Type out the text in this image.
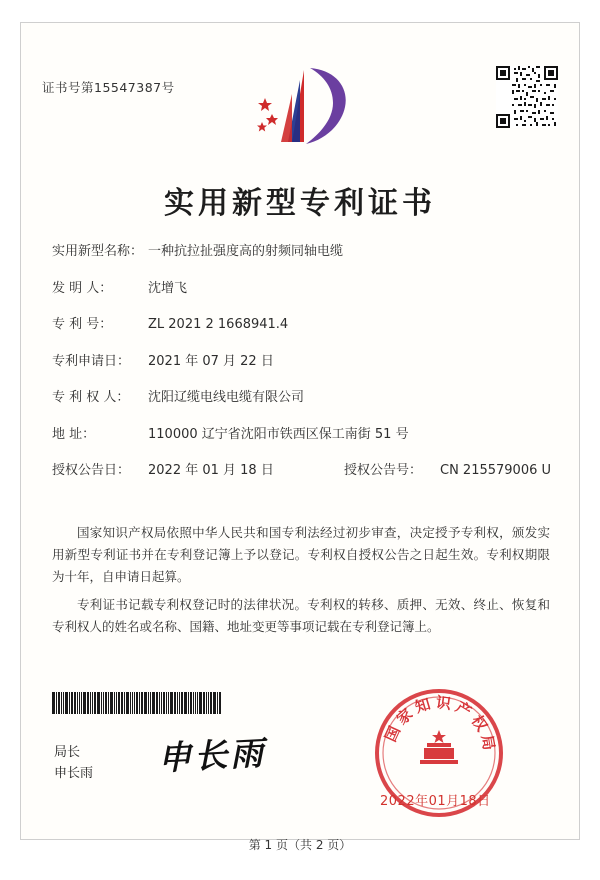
证书号第15547387号
实用新型专利证书
实用新型名称： 一种抗拉扯强度高的射频同轴电缆
发 明 人：	沈增飞
专 利 号：	ZL 2021 2 1668941.4
专利申请日：	2021 年 07 月 22 日
专 利 权 人：	沈阳辽缆电线电缆有限公司
地 址：	110000 辽宁省沈阳市铁西区保工南街 51 号
授权公告日：	2022 年 01 月 18 日	授权公告号：	CN 215579006 U

国家知识产权局依照中华人民共和国专利法经过初步审查，决定授予专利权，颁发实用新型专利证书并在专利登记簿上予以登记。专利权自授权公告之日起生效。专利权期限为十年，自申请日起算。

专利证书记载专利权登记时的法律状况。专利权的转移、质押、无效、终止、恢复和专利权人的姓名或名称、国籍、地址变更等事项记载在专利登记簿上。

局长
申长雨 申长雨
国家知识产权局
2022年01月18日
第 1 页（共 2 页）
